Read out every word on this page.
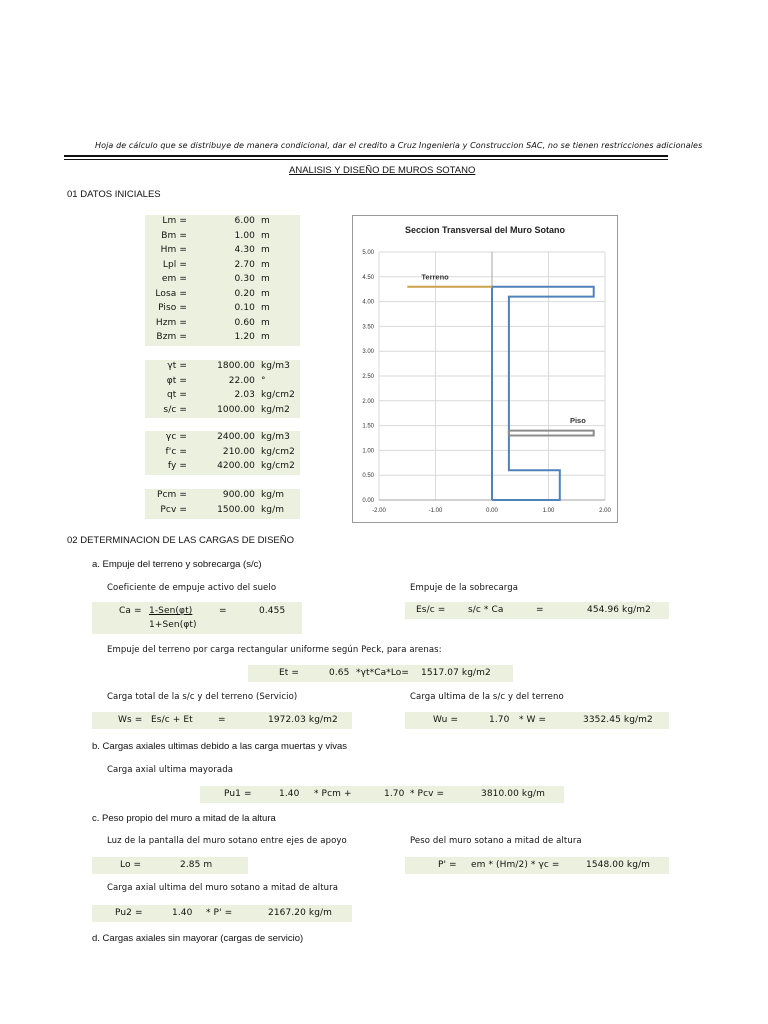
Hoja de cálculo que se distribuye de manera condicional, dar el credito a Cruz Ingenieria y Construccion SAC, no se tienen restricciones adicionales
ANALISIS Y DISEÑO DE MUROS SOTANO
01 DATOS INICIALES
Lm =	6.00 m
Bm =	1.00 m
Hm =	4.30 m
Lpl =	2.70 m
em =	0.30 m
Losa =	0.20 m
Piso =	0.10 m
Hzm =	0.60 m
Bzm =	1.20 m
γt =	1800.00 kg/m3
φt =	22.00 °
qt =	2.03 kg/cm2
s/c =	1000.00 kg/m2
γc =	2400.00 kg/m3
f'c =	210.00 kg/cm2
fy =	4200.00 kg/cm2
Pcm =	900.00 kg/m
Pcv =	1500.00 kg/m
Seccion Transversal del Muro Sotano
0.00
0.50
1.00
1.50
2.00
2.50
3.00
3.50
4.00
4.50
5.00
-2.00	-1.00	0.00	1.00	2.00
Terreno
Piso
02 DETERMINACION DE LAS CARGAS DE DISEÑO
a. Empuje del terreno y sobrecarga (s/c)
Coeficiente de empuje activo del suelo	Empuje de la sobrecarga
Ca = 1-Sen(φt)
1+Sen(φt)
=	0.455	Es/c =	s/c * Ca	=	454.96 kg/m2
Empuje del terreno por carga rectangular uniforme según Peck, para arenas:
Et =	0.65 *γt*Ca*Lo= 1517.07 kg/m2
Carga total de la s/c y del terreno (Servicio)	Carga ultima de la s/c y del terreno
Ws = Es/c + Et	=	1972.03 kg/m2	Wu =	1.70 * W =	3352.45 kg/m2
b. Cargas axiales ultimas debido a las carga muertas y vivas
Carga axial ultima mayorada
Pu1 =	1.40 * Pcm +	1.70 * Pcv =	3810.00 kg/m
c. Peso propio del muro a mitad de la altura
Luz de la pantalla del muro sotano entre ejes de apoyo	Peso del muro sotano a mitad de altura
Lo =	2.85 m	P' = em * (Hm/2) * γc =	1548.00 kg/m
Carga axial ultima del muro sotano a mitad de altura
Pu2 =	1.40 * P' =	2167.20 kg/m
d. Cargas axiales sin mayorar (cargas de servicio)
